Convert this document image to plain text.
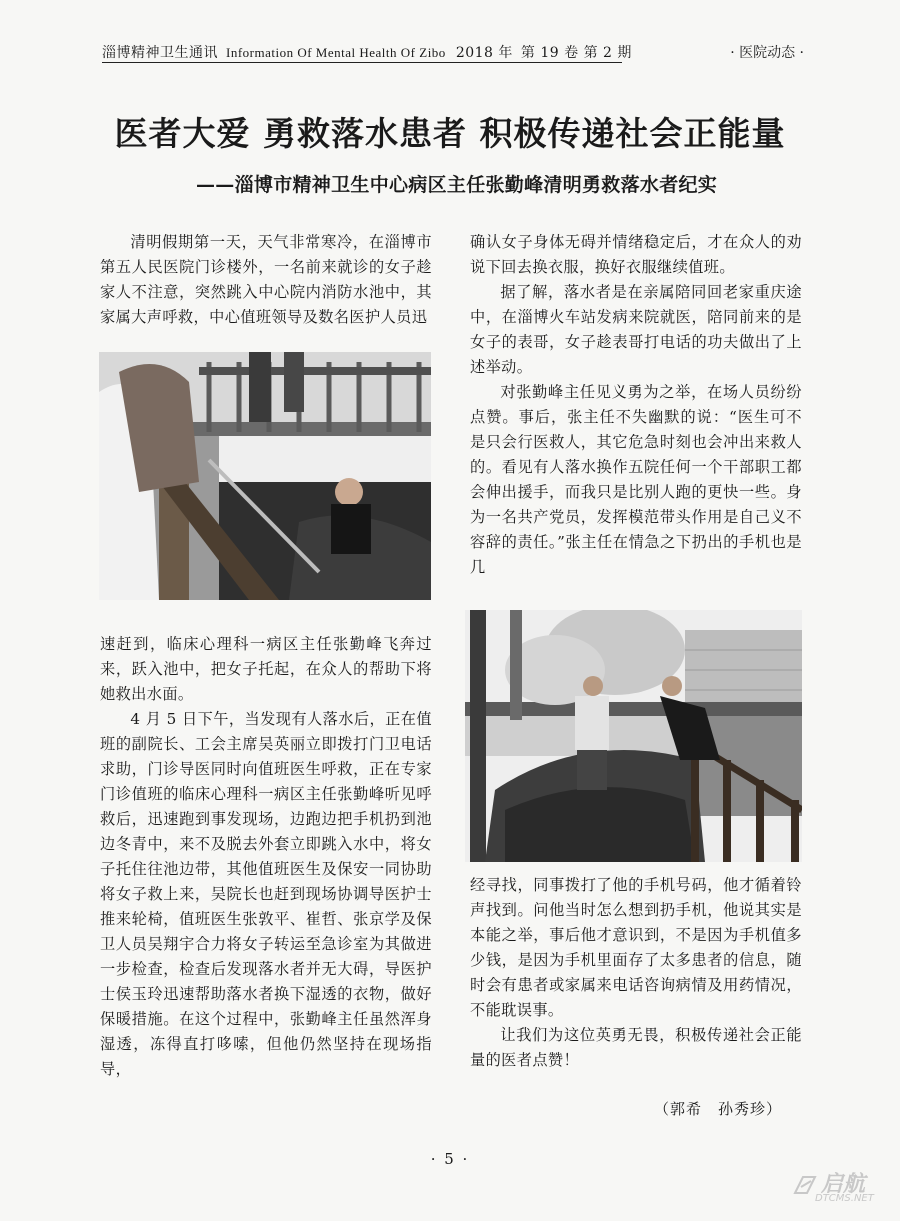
淄博精神卫生通讯 Information Of Mental Health Of Zibo 2018 年 第 19 卷 第 2 期	· 医院动态 ·
医者大爱 勇救落水患者 积极传递社会正能量
——淄博市精神卫生中心病区主任张勤峰清明勇救落水者纪实

清明假期第一天，天气非常寒冷，在淄博市第五人民医院门诊楼外，一名前来就诊的女子趁家人不注意，突然跳入中心院内消防水池中，其家属大声呼救，中心值班领导及数名医护人员迅

速赶到，临床心理科一病区主任张勤峰飞奔过来，跃入池中，把女子托起，在众人的帮助下将她救出水面。

4 月 5 日下午，当发现有人落水后，正在值班的副院长、工会主席吴英丽立即拨打门卫电话求助，门诊导医同时向值班医生呼救，正在专家门诊值班的临床心理科一病区主任张勤峰听见呼救后，迅速跑到事发现场，边跑边把手机扔到池边冬青中，来不及脱去外套立即跳入水中，将女子托住往池边带，其他值班医生及保安一同协助将女子救上来，吴院长也赶到现场协调导医护士推来轮椅，值班医生张敦平、崔哲、张京学及保卫人员吴翔宇合力将女子转运至急诊室为其做进一步检查，检查后发现落水者并无大碍，导医护士侯玉玲迅速帮助落水者换下湿透的衣物，做好保暖措施。在这个过程中，张勤峰主任虽然浑身湿透，冻得直打哆嗦，但他仍然坚持在现场指导，

确认女子身体无碍并情绪稳定后，才在众人的劝说下回去换衣服，换好衣服继续值班。

据了解，落水者是在亲属陪同回老家重庆途中，在淄博火车站发病来院就医，陪同前来的是女子的表哥，女子趁表哥打电话的功夫做出了上述举动。

对张勤峰主任见义勇为之举，在场人员纷纷点赞。事后，张主任不失幽默的说：“医生可不是只会行医救人，其它危急时刻也会冲出来救人的。看见有人落水换作五院任何一个干部职工都会伸出援手，而我只是比别人跑的更快一些。身为一名共产党员，发挥模范带头作用是自己义不容辞的责任。”张主任在情急之下扔出的手机也是几

经寻找，同事拨打了他的手机号码，他才循着铃声找到。问他当时怎么想到扔手机，他说其实是本能之举，事后他才意识到，不是因为手机值多少钱，是因为手机里面存了太多患者的信息，随时会有患者或家属来电话咨询病情及用药情况，不能耽误事。

让我们为这位英勇无畏，积极传递社会正能量的医者点赞！

（郭希　孙秀珍）
· 5 ·
启航
DTCMS.NET
